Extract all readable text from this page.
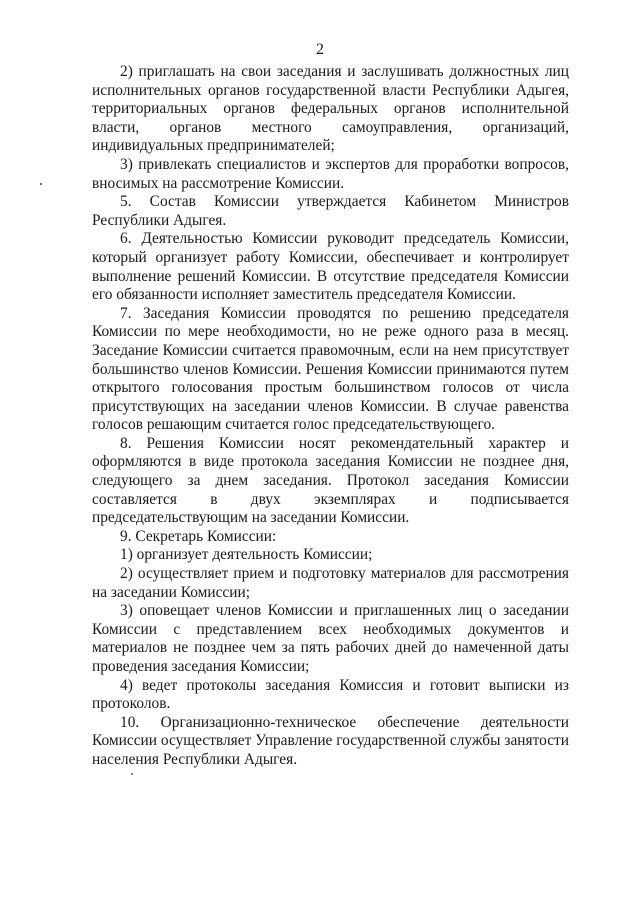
2

2) приглашать на свои заседания и заслушивать должностных лиц исполнительных органов государственной власти Республики Адыгея, территориальных органов федеральных органов исполнительной власти, органов местного самоуправления, организаций, индивидуальных предпринимателей;

3) привлекать специалистов и экспертов для проработки вопросов, вносимых на рассмотрение Комиссии.

5. Состав Комиссии утверждается Кабинетом Министров Республики Адыгея.

6. Деятельностью Комиссии руководит председатель Комиссии, который организует работу Комиссии, обеспечивает и контролирует выполнение решений Комиссии. В отсутствие председателя Комиссии его обязанности исполняет заместитель председателя Комиссии.

7. Заседания Комиссии проводятся по решению председателя Комиссии по мере необходимости, но не реже одного раза в месяц. Заседание Комиссии считается правомочным, если на нем присутствует большинство членов Комиссии. Решения Комиссии принимаются путем открытого голосования простым большинством голосов от числа присутствующих на заседании членов Комиссии. В случае равенства голосов решающим считается голос председательствующего.

8. Решения Комиссии носят рекомендательный характер и оформляются в виде протокола заседания Комиссии не позднее дня, следующего за днем заседания. Протокол заседания Комиссии составляется в двух экземплярах и подписывается председательствующим на заседании Комиссии.

9. Секретарь Комиссии:

1) организует деятельность Комиссии;

2) осуществляет прием и подготовку материалов для рассмотрения на заседании Комиссии;

3) оповещает членов Комиссии и приглашенных лиц о заседании Комиссии с представлением всех необходимых документов и материалов не позднее чем за пять рабочих дней до намеченной даты проведения заседания Комиссии;

4) ведет протоколы заседания Комиссия и готовит выписки из протоколов.

10. Организационно-техническое обеспечение деятельности Комиссии осуществляет Управление государственной службы занятости населения Республики Адыгея.
